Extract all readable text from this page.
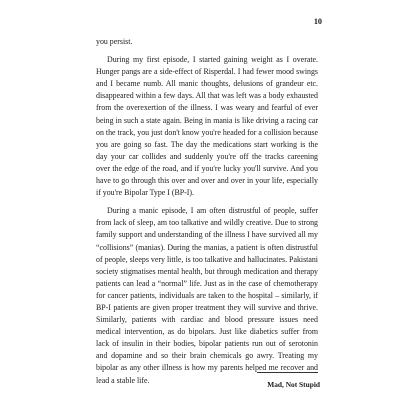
10

you persist.

During my first episode, I started gaining weight as I overate. Hunger pangs are a side-effect of Risperdal. I had fewer mood swings and I became numb. All manic thoughts, delusions of grandeur etc. disappeared within a few days. All that was left was a body exhausted from the overexertion of the illness. I was weary and fearful of ever being in such a state again. Being in mania is like driving a racing car on the track, you just don't know you're headed for a collision because you are going so fast. The day the medications start working is the day your car collides and suddenly you're off the tracks careening over the edge of the road, and if you're lucky you'll survive. And you have to go through this over and over and over in your life, especially if you're Bipolar Type I (BP-I).

During a manic episode, I am often distrustful of people, suffer from lack of sleep, am too talkative and wildly creative. Due to strong family support and understanding of the illness I have survived all my “collisions” (manias). During the manias, a patient is often distrustful of people, sleeps very little, is too talkative and hallucinates. Pakistani society stigmatises mental health, but through medication and therapy patients can lead a “normal” life. Just as in the case of chemotherapy for cancer patients, individuals are taken to the hospital – similarly, if BP-I patients are given proper treatment they will survive and thrive. Similarly, patients with cardiac and blood pressure issues need medical intervention, as do bipolars. Just like diabetics suffer from lack of insulin in their bodies, bipolar patients run out of serotonin and dopamine and so their brain chemicals go awry. Treating my bipolar as any other illness is how my parents helped me recover and lead a stable life.	Mad, Not Stupid
